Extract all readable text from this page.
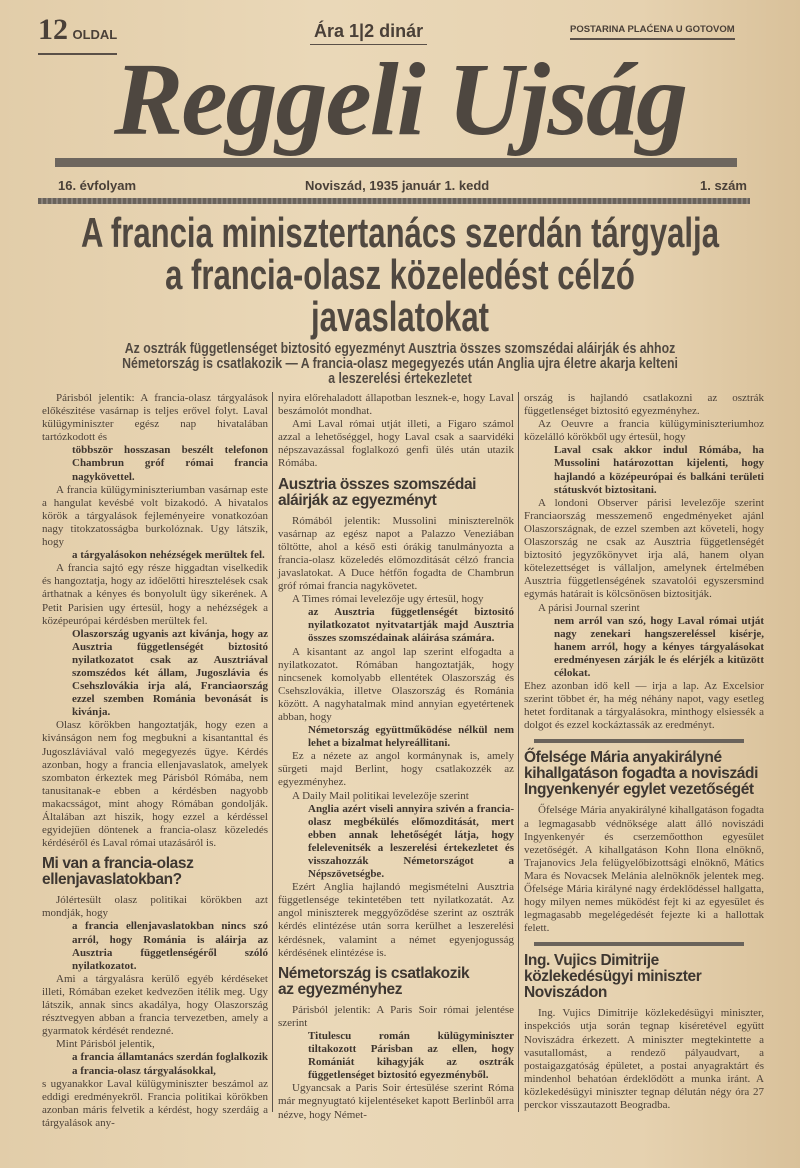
12 OLDAL	Ára 1|2 dinár	POSTARINA PLAĆENA U GOTOVOM
Reggeli Ujság
16. évfolyam	Noviszád, 1935 január 1. kedd	1. szám
A francia minisztertanács szerdán tárgyalja
a francia-olasz közeledést célzó
javaslatokat
Az osztrák függetlenséget biztositó egyezményt Ausztria összes szomszédai aláirják és ahhoz
Németország is csatlakozik — A francia-olasz megegyezés után Anglia ujra életre akarja kelteni
a leszerelési értekezletet
Párisból jelentik: A francia-olasz tárgyalások előkészitése vasárnap is teljes erővel folyt. Laval külügyminiszter egész nap hivatalában tartózkodott és
többször hosszasan beszélt telefonon Chambrun gróf római francia nagykövettel.
A francia külügyminiszteriumban vasárnap este a hangulat kevésbé volt bizakodó. A hivatalos körök a tárgyalások fejleményeire vonatkozóan nagy titokzatosságba burkolóznak. Ugy látszik, hogy
a tárgyalásokon nehézségek merültek fel.
A francia sajtó egy része higgadtan viselkedik és hangoztatja, hogy az időelőtti hiresztelések csak árthatnak a kényes és bonyolult ügy sikerének. A Petit Parisien ugy értesül, hogy a nehézségek a középeurópai kérdésben merültek fel.
Olaszország ugyanis azt kivánja, hogy az Ausztria függetlenségét biztositó nyilatkozatot csak az Ausztriával szomszédos két állam, Jugoszlávia és Csehszlovákia irja alá, Franciaország ezzel szemben Románia bevonását is kivánja.
Olasz körökben hangoztatják, hogy ezen a kivánságon nem fog megbukni a kisantanttal és Jugoszláviával való megegyezés ügye. Kérdés azonban, hogy a francia ellenjavaslatok, amelyek szombaton érkeztek meg Párisból Rómába, nem tanusitanak-e ebben a kérdésben nagyobb makacsságot, mint ahogy Rómában gondolják. Általában azt hiszik, hogy ezzel a kérdéssel egyidejüen döntenek a francia-olasz közeledés kérdéséről és Laval római utazásáról is.
Mi van a francia-olasz
ellenjavaslatokban?
Jólértesült olasz politikai körökben azt mondják, hogy
a francia ellenjavaslatokban nincs szó arról, hogy Románia is aláirja az Ausztria függetlenségéről szóló nyilatkozatot.
Ami a tárgyalásra kerülő egyéb kérdéseket illeti, Rómában ezeket kedvezően itélik meg. Ugy látszik, annak sincs akadálya, hogy Olaszország résztvegyen abban a francia tervezetben, amely a gyarmatok kérdését rendezné.
Mint Párisból jelentik,
a francia államtanács szerdán foglalkozik a francia-olasz tárgyalásokkal,
s ugyanakkor Laval külügyminiszter beszámol az eddigi eredményekről. Francia politikai körökben azonban máris felvetik a kérdést, hogy szerdáig a tárgyalások any-
nyira előrehaladott állapotban lesznek-e, hogy Laval beszámolót mondhat.
Ami Laval római utját illeti, a Figaro számol azzal a lehetőséggel, hogy Laval csak a saarvidéki népszavazással foglalkozó genfi ülés után utazik Rómába.
Ausztria összes szomszédai
aláirják az egyezményt
Rómából jelentik: Mussolini miniszterelnök vasárnap az egész napot a Palazzo Veneziában töltötte, ahol a késő esti órákig tanulmányozta a francia-olasz közeledés előmozditását célzó francia javaslatokat. A Duce hétfőn fogadta de Chambrun gróf római francia nagykövetet.
A Times római levelezője ugy értesül, hogy
az Ausztria függetlenségét biztositó nyilatkozatot nyitvatartják majd Ausztria összes szomszédainak aláirása számára.
A kisantant az angol lap szerint elfogadta a nyilatkozatot. Rómában hangoztatják, hogy nincsenek komolyabb ellentétek Olaszország és Csehszlovákia, illetve Olaszország és Románia között. A nagyhatalmak mind annyian egyetértenek abban, hogy
Németország együttműködése nélkül nem lehet a bizalmat helyreállitani.
Ez a nézete az angol kormánynak is, amely sürgeti majd Berlint, hogy csatlakozzék az egyezményhez.
A Daily Mail politikai levelezője szerint
Anglia azért viseli annyira szivén a francia-olasz megbékülés előmozditását, mert ebben annak lehetőségét látja, hogy felelevenitsék a leszerelési értekezletet és visszahozzák Németországot a Népszövetségbe.
Ezért Anglia hajlandó megismételni Ausztria függetlensége tekintetében tett nyilatkozatát. Az angol miniszterek meggyőződése szerint az osztrák kérdés elintézése után sorra kerülhet a leszerelési kérdésnek, valamint a német egyenjogusság kérdésének elintézése is.
Németország is csatlakozik
az egyezményhez
Párisból jelentik: A Paris Soir római jelentése szerint
Titulescu román külügyminiszter tiltakozott Párisban az ellen, hogy Romániát kihagyják az osztrák függetlenséget biztositó egyezményből.
Ugyancsak a Paris Soir értesülése szerint Róma már megnyugtató kijelentéseket kapott Berlinből arra nézve, hogy Német-
ország is hajlandó csatlakozni az osztrák függetlenséget biztositó egyezményhez.
Az Oeuvre a francia külügyminiszteriumhoz közelálló körökből ugy értesül, hogy
Laval csak akkor indul Rómába, ha Mussolini határozottan kijelenti, hogy hajlandó a középeurópai és balkáni területi státuskvót biztositani.
A londoni Observer párisi levelezője szerint Franciaország messzemenő engedményeket ajánl Olaszországnak, de ezzel szemben azt követeli, hogy Olaszország ne csak az Ausztria függetlenségét biztositó jegyzőkönyvet irja alá, hanem olyan kötelezettséget is vállaljon, amelynek értelmében Ausztria függetlenségének szavatolói egyszersmind egymás határait is kölcsönösen biztositják.
A párisi Journal szerint
nem arról van szó, hogy Laval római utját nagy zenekari hangszereléssel kisérje, hanem arról, hogy a kényes tárgyalásokat eredményesen zárják le és elérjék a kitüzött célokat.
Ehez azonban idő kell — irja a lap. Az Excelsior szerint többet ér, ha még néhány napot, vagy esetleg hetet forditanak a tárgyalásokra, minthogy elsiessék a dolgot és ezzel kockáztassák az eredményt.
Őfelsége Mária anyakirályné
kihallgatáson fogadta a noviszádi
Ingyenkenyér egylet vezetőségét
Őfelsége Mária anyakirályné kihallgatáson fogadta a legmagasabb védnöksége alatt álló noviszádi Ingyenkenyér és cserzemőotthon egyesület vezetőségét. A kihallgatáson Kohn Ilona elnöknő, Trajanovics Jela felügyelőbizottsági elnöknő, Mátics Mara és Novacsek Melánia alelnöknők jelentek meg. Őfelsége Mária királyné nagy érdeklődéssel hallgatta, hogy milyen nemes müködést fejt ki az egyesület és legmagasabb megelégedését fejezte ki a hallottak felett.
Ing. Vujics Dimitrije
közlekedésügyi miniszter
Noviszádon
Ing. Vujics Dimitrije közlekedésügyi miniszter, inspekciós utja során tegnap kiséretével együtt Noviszádra érkezett. A miniszter megtekintette a vasutallomást, a rendező pályaudvart, a postaigazgatóság épületet, a postai anyagraktárt és mindenhol behatóan érdeklődött a munka iránt. A közlekedésügyi miniszter tegnap délután négy óra 27 perckor visszautazott Beogradba.
